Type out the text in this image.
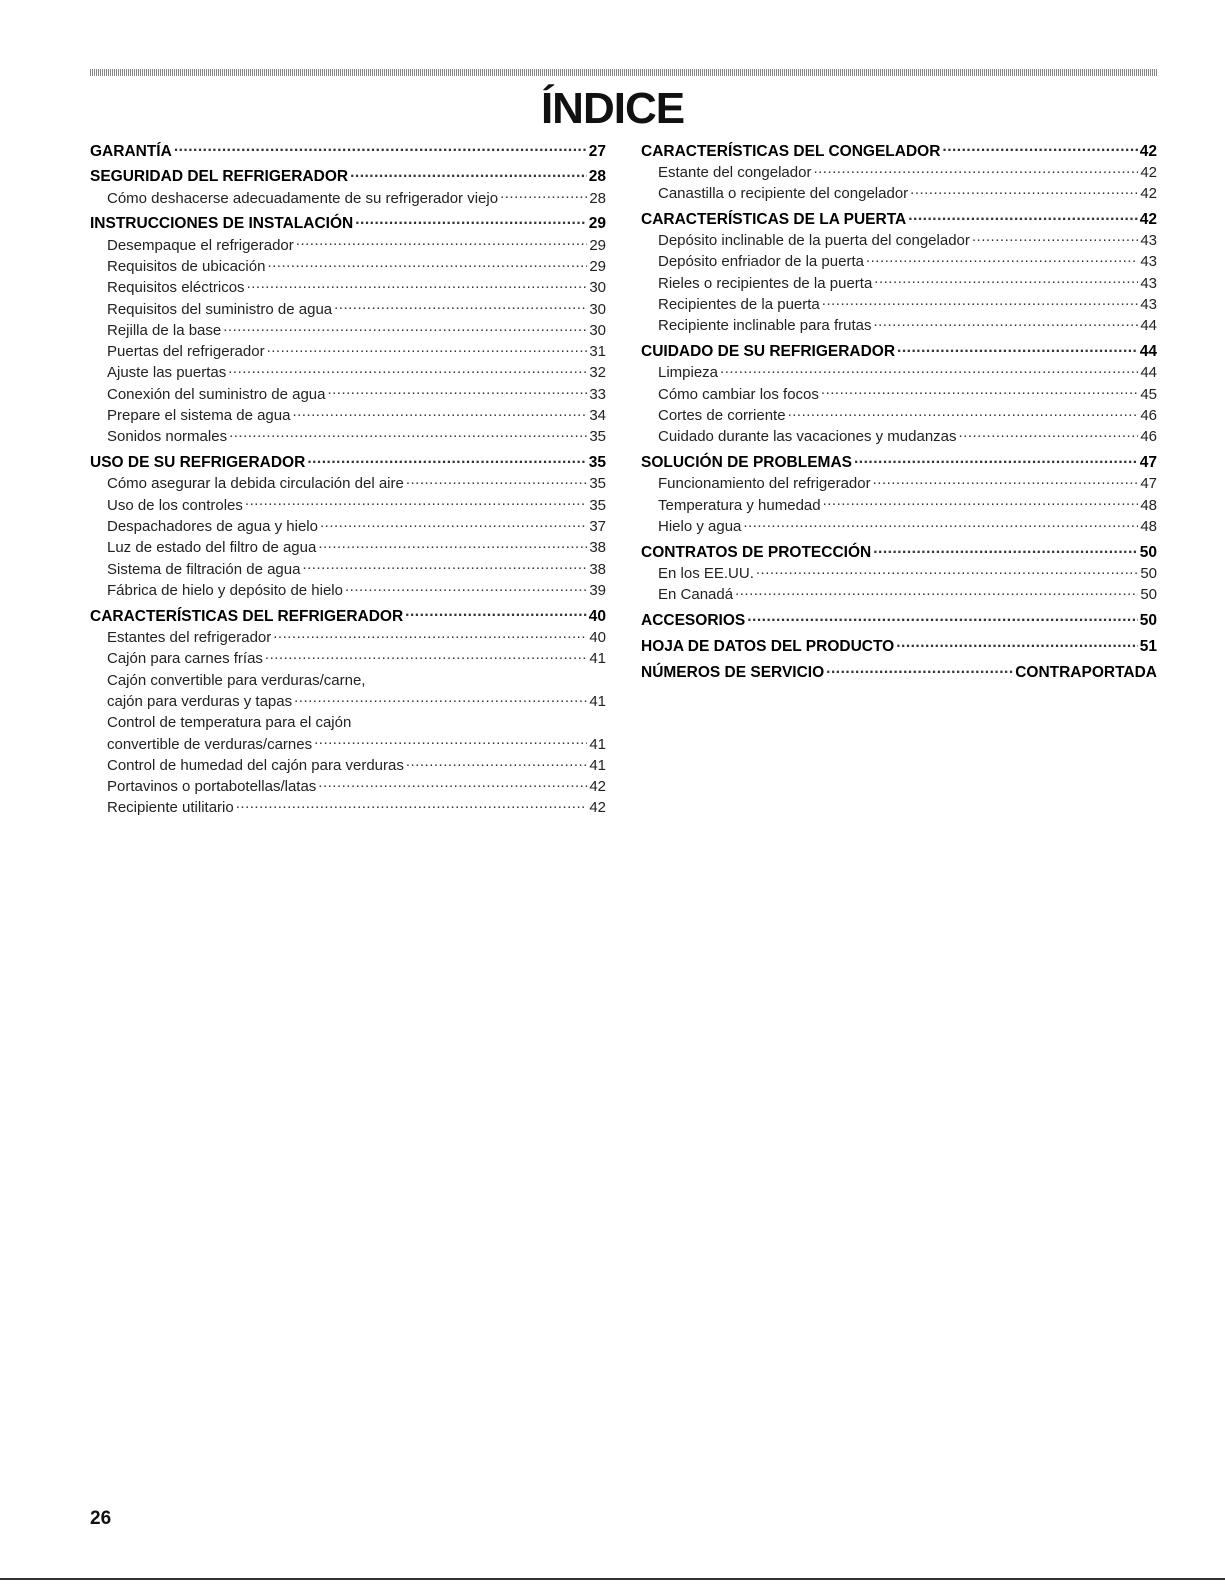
ÍNDICE
GARANTÍA .....	27
SEGURIDAD DEL REFRIGERADOR .....	28
Cómo deshacerse adecuadamente de su refrigerador viejo .....	28
INSTRUCCIONES DE INSTALACIÓN .....	29
Desempaque el refrigerador .....	29
Requisitos de ubicación .....	29
Requisitos eléctricos .....	30
Requisitos del suministro de agua .....	30
Rejilla de la base .....	30
Puertas del refrigerador .....	31
Ajuste las puertas .....	32
Conexión del suministro de agua .....	33
Prepare el sistema de agua .....	34
Sonidos normales .....	35
USO DE SU REFRIGERADOR .....	35
Cómo asegurar la debida circulación del aire .....	35
Uso de los controles .....	35
Despachadores de agua y hielo .....	37
Luz de estado del filtro de agua .....	38
Sistema de filtración de agua .....	38
Fábrica de hielo y depósito de hielo .....	39
CARACTERÍSTICAS DEL REFRIGERADOR .....	40
Estantes del refrigerador .....	40
Cajón para carnes frías .....	41
Cajón convertible para verduras/carne,
cajón para verduras y tapas .....	41
Control de temperatura para el cajón
convertible de verduras/carnes .....	41
Control de humedad del cajón para verduras .....	41
Portavinos o portabotellas/latas .....	42
Recipiente utilitario .....	42
CARACTERÍSTICAS DEL CONGELADOR .....	42
Estante del congelador .....	42
Canastilla o recipiente del congelador .....	42
CARACTERÍSTICAS DE LA PUERTA .....	42
Depósito inclinable de la puerta del congelador .....	43
Depósito enfriador de la puerta .....	43
Rieles o recipientes de la puerta .....	43
Recipientes de la puerta .....	43
Recipiente inclinable para frutas .....	44
CUIDADO DE SU REFRIGERADOR .....	44
Limpieza .....	44
Cómo cambiar los focos .....	45
Cortes de corriente .....	46
Cuidado durante las vacaciones y mudanzas .....	46
SOLUCIÓN DE PROBLEMAS .....	47
Funcionamiento del refrigerador .....	47
Temperatura y humedad .....	48
Hielo y agua .....	48
CONTRATOS DE PROTECCIÓN .....	50
En los EE.UU. .....	50
En Canadá .....	50
ACCESORIOS .....	50
HOJA DE DATOS DEL PRODUCTO .....	51
NÚMEROS DE SERVICIO .....	CONTRAPORTADA
26
